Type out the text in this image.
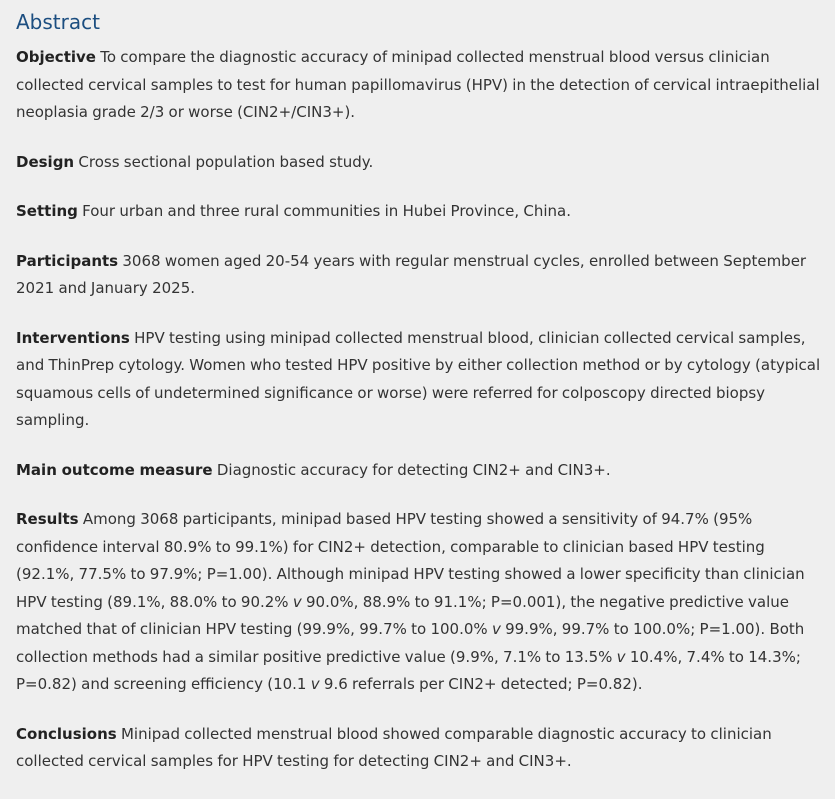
Abstract

Objective To compare the diagnostic accuracy of minipad collected menstrual blood versus clinician collected cervical samples to test for human papillomavirus (HPV) in the detection of cervical intraepithelial neoplasia grade 2/3 or worse (CIN2+/CIN3+).

Design Cross sectional population based study.

Setting Four urban and three rural communities in Hubei Province, China.

Participants 3068 women aged 20-54 years with regular menstrual cycles, enrolled between September 2021 and January 2025.

Interventions HPV testing using minipad collected menstrual blood, clinician collected cervical samples, and ThinPrep cytology. Women who tested HPV positive by either collection method or by cytology (atypical squamous cells of undetermined significance or worse) were referred for colposcopy directed biopsy sampling.

Main outcome measure Diagnostic accuracy for detecting CIN2+ and CIN3+.

Results Among 3068 participants, minipad based HPV testing showed a sensitivity of 94.7% (95% confidence interval 80.9% to 99.1%) for CIN2+ detection, comparable to clinician based HPV testing (92.1%, 77.5% to 97.9%; P=1.00). Although minipad HPV testing showed a lower specificity than clinician HPV testing (89.1%, 88.0% to 90.2% v 90.0%, 88.9% to 91.1%; P=0.001), the negative predictive value matched that of clinician HPV testing (99.9%, 99.7% to 100.0% v 99.9%, 99.7% to 100.0%; P=1.00). Both collection methods had a similar positive predictive value (9.9%, 7.1% to 13.5% v 10.4%, 7.4% to 14.3%; P=0.82) and screening efficiency (10.1 v 9.6 referrals per CIN2+ detected; P=0.82).

Conclusions Minipad collected menstrual blood showed comparable diagnostic accuracy to clinician collected cervical samples for HPV testing for detecting CIN2+ and CIN3+.
